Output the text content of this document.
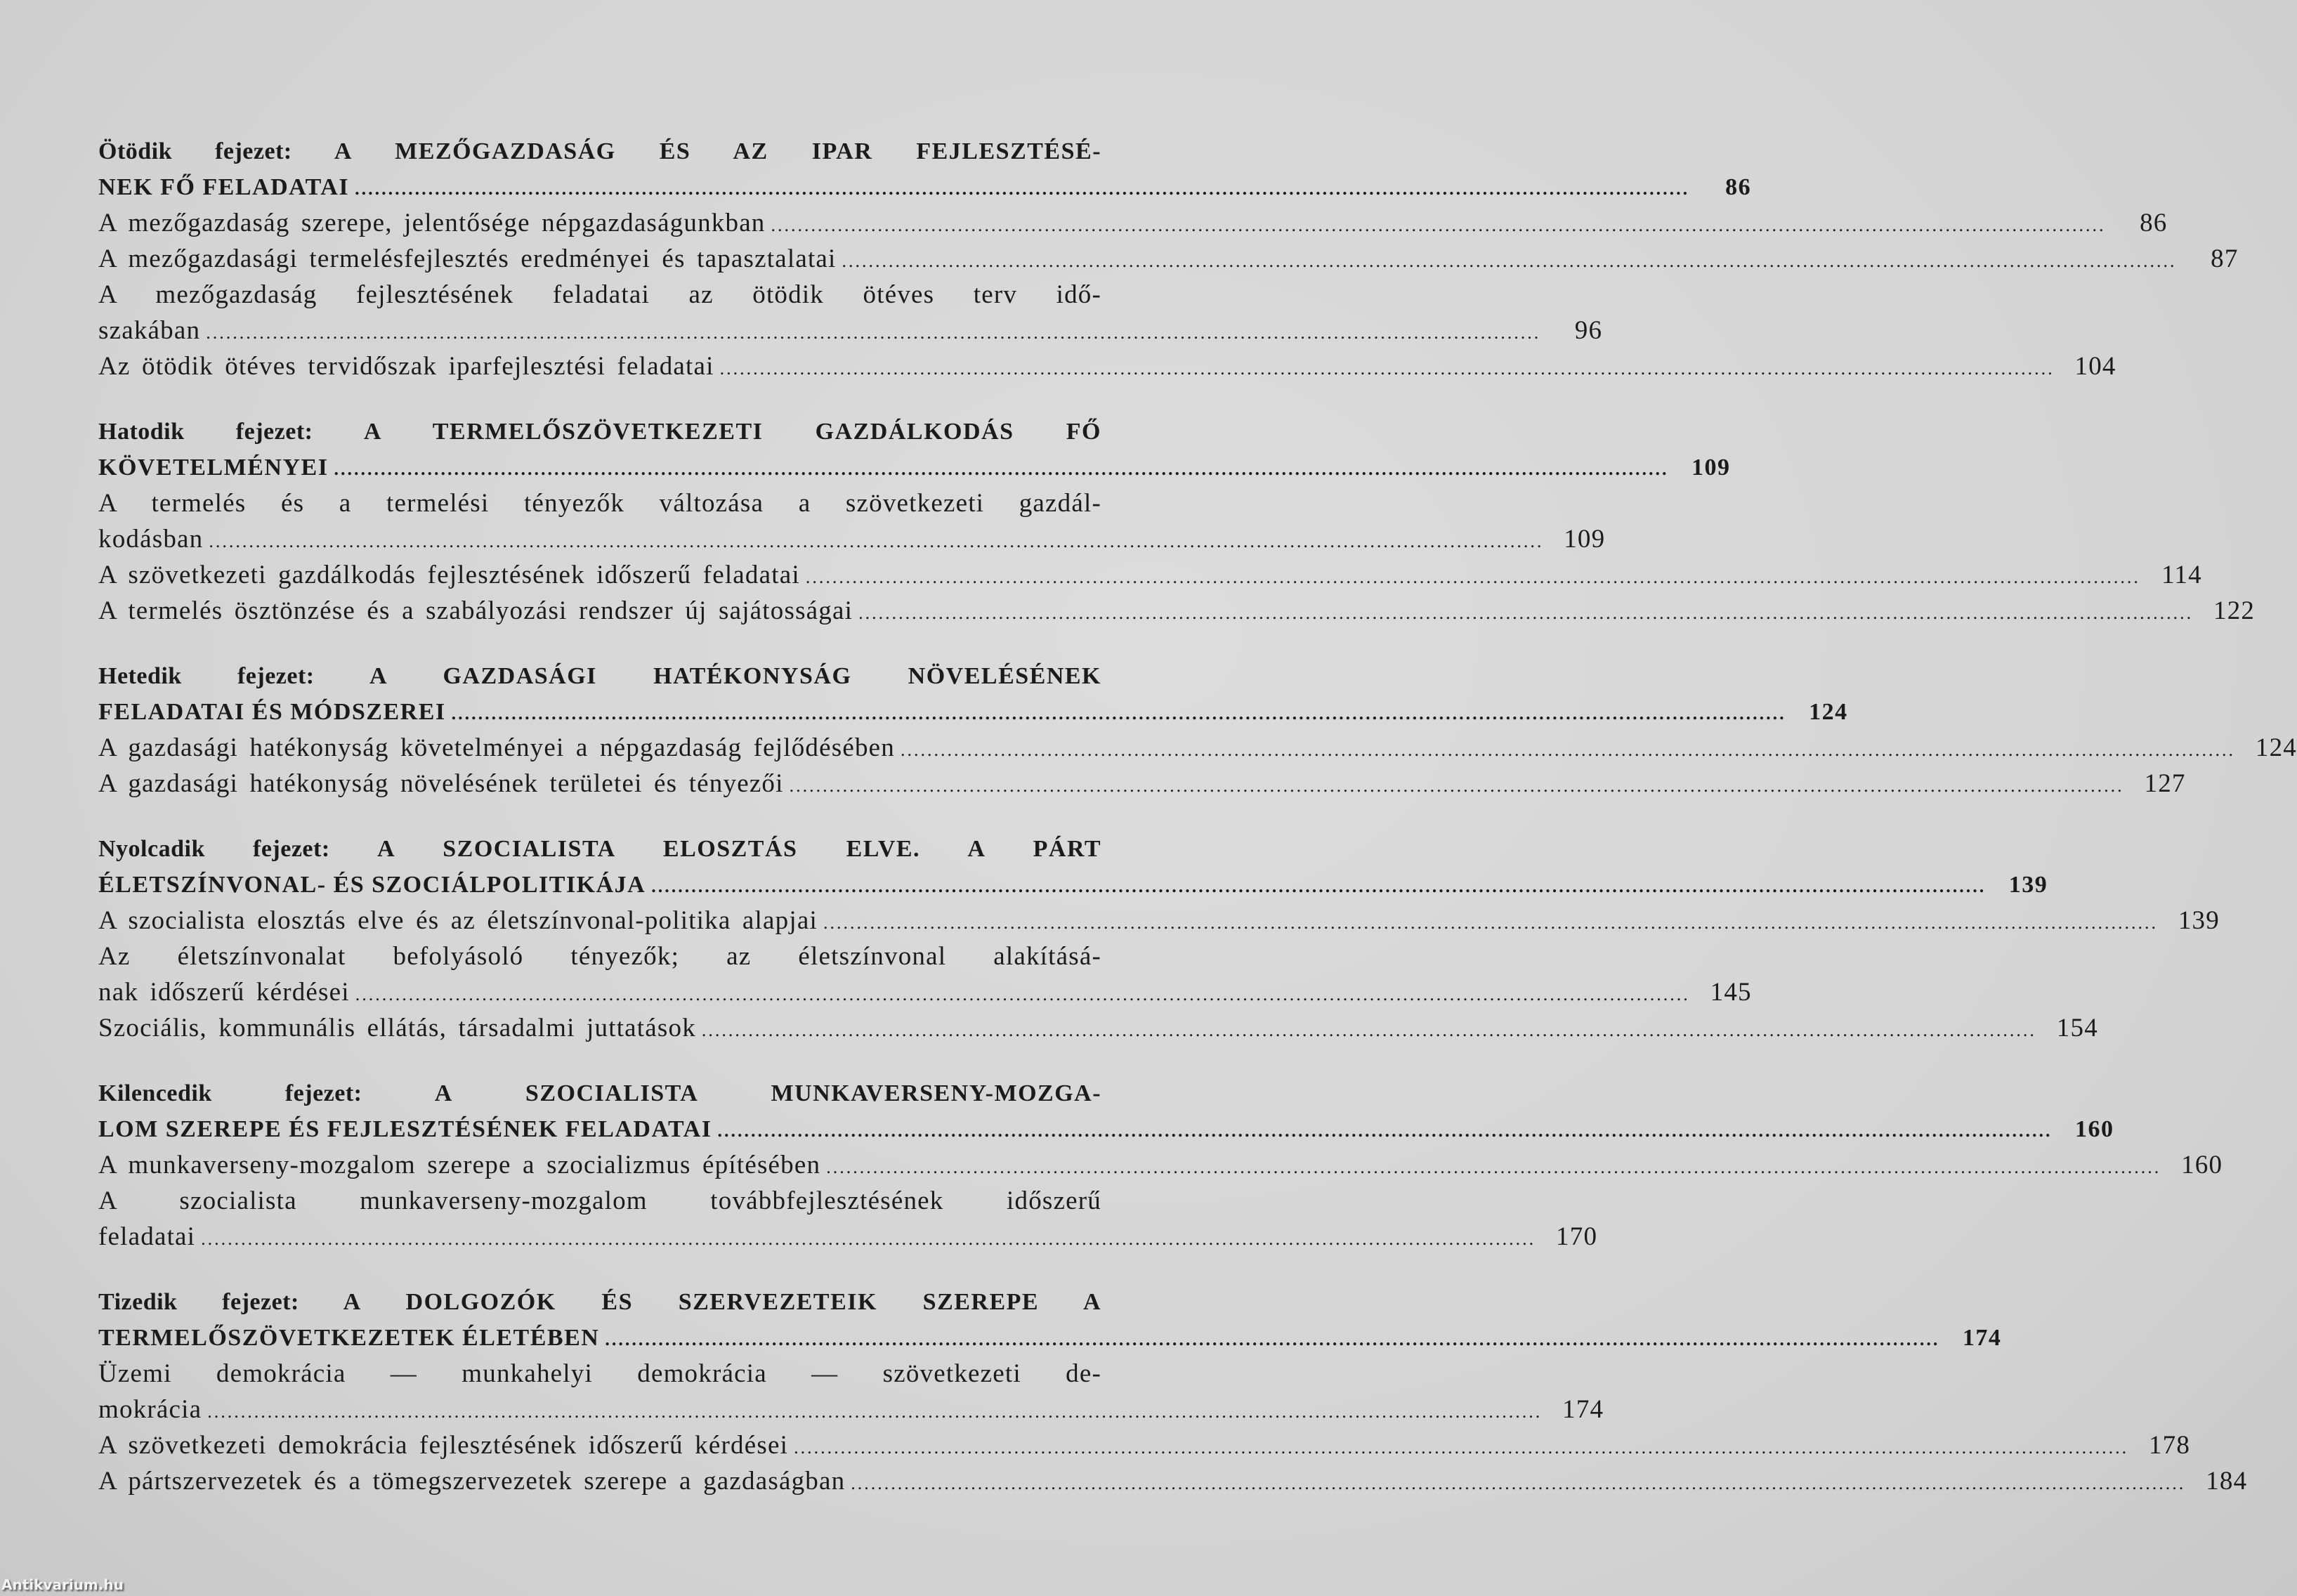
Ötödik fejezet: A MEZŐGAZDASÁG ÉS AZ IPAR FEJLESZTÉSÉ-
NEK FŐ FELADATAI ........................................................................................................................................................................................................	86
A mezőgazdaság szerepe, jelentősége népgazdaságunkban ........................................................................................................................................................................................................	86
A mezőgazdasági termelésfejlesztés eredményei és tapasztalatai ........................................................................................................................................................................................................	87
A mezőgazdaság fejlesztésének feladatai az ötödik ötéves terv idő-
szakában ........................................................................................................................................................................................................	96
Az ötödik ötéves tervidőszak iparfejlesztési feladatai ........................................................................................................................................................................................................ 104
Hatodik fejezet: A TERMELŐSZÖVETKEZETI GAZDÁLKODÁS FŐ
KÖVETELMÉNYEI ........................................................................................................................................................................................................ 109
A termelés és a termelési tényezők változása a szövetkezeti gazdál-
kodásban ........................................................................................................................................................................................................ 109
A szövetkezeti gazdálkodás fejlesztésének időszerű feladatai ........................................................................................................................................................................................................ 114
A termelés ösztönzése és a szabályozási rendszer új sajátosságai ........................................................................................................................................................................................................ 122
Hetedik fejezet: A GAZDASÁGI HATÉKONYSÁG NÖVELÉSÉNEK
FELADATAI ÉS MÓDSZEREI ........................................................................................................................................................................................................ 124
A gazdasági hatékonyság követelményei a népgazdaság fejlődésében ........................................................................................................................................................................................................ 124
A gazdasági hatékonyság növelésének területei és tényezői ........................................................................................................................................................................................................ 127
Nyolcadik fejezet: A SZOCIALISTA ELOSZTÁS ELVE. A PÁRT
ÉLETSZÍNVONAL- ÉS SZOCIÁLPOLITIKÁJA ........................................................................................................................................................................................................ 139
A szocialista elosztás elve és az életszínvonal-politika alapjai ........................................................................................................................................................................................................ 139
Az életszínvonalat befolyásoló tényezők; az életszínvonal alakításá-
nak időszerű kérdései ........................................................................................................................................................................................................ 145
Szociális, kommunális ellátás, társadalmi juttatások ........................................................................................................................................................................................................ 154
Kilencedik fejezet:	A SZOCIALISTA MUNKAVERSENY-MOZGA-
LOM SZEREPE ÉS FEJLESZTÉSÉNEK FELADATAI ........................................................................................................................................................................................................ 160
A munkaverseny-mozgalom szerepe a szocializmus építésében ........................................................................................................................................................................................................ 160
A szocialista munkaverseny-mozgalom továbbfejlesztésének időszerű
feladatai ........................................................................................................................................................................................................ 170
Tizedik fejezet: A DOLGOZÓK ÉS SZERVEZETEIK SZEREPE A
TERMELŐSZÖVETKEZETEK ÉLETÉBEN ........................................................................................................................................................................................................ 174
Üzemi demokrácia — munkahelyi demokrácia — szövetkezeti de-
mokrácia ........................................................................................................................................................................................................ 174
A szövetkezeti demokrácia fejlesztésének időszerű kérdései ........................................................................................................................................................................................................ 178
A pártszervezetek és a tömegszervezetek szerepe a gazdaságban ........................................................................................................................................................................................................ 184
Antikvarium.hu
